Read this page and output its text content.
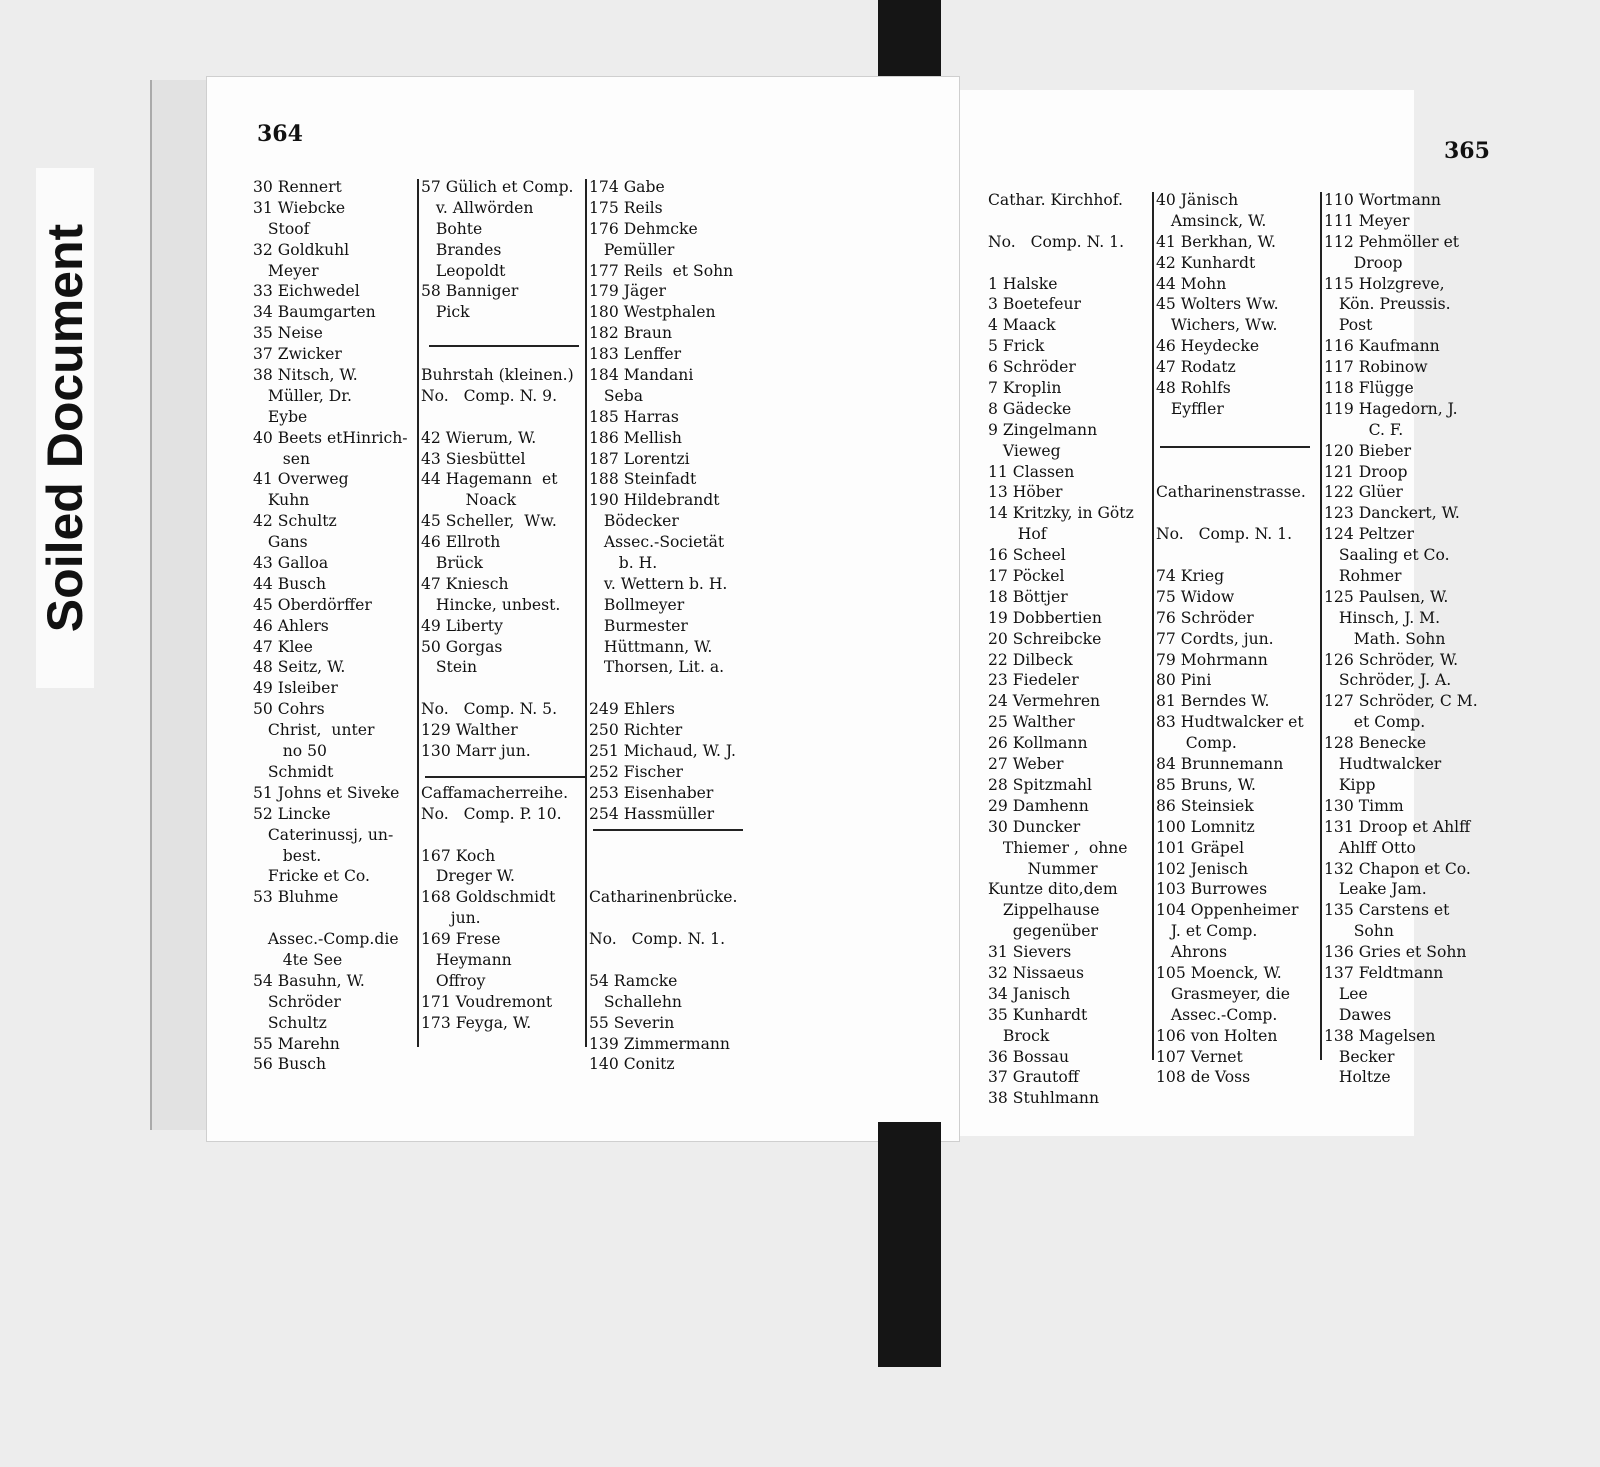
Soiled Document
364
30 Rennert
31 Wiebcke
Stoof
32 Goldkuhl
Meyer
33 Eichwedel
34 Baumgarten
35 Neise
37 Zwicker
38 Nitsch, W.
Müller, Dr.
Eybe
40 Beets etHinrich-
sen
41 Overweg
Kuhn
42 Schultz
Gans
43 Galloa
44 Busch
45 Oberdörffer
46 Ahlers
47 Klee
48 Seitz, W.
49 Isleiber
50 Cohrs
Christ,  unter
no 50
Schmidt
51 Johns et Siveke
52 Lincke
Caterinussj, un-
best.
Fricke et Co.
53 Bluhme
Assec.-Comp.die
4te See
54 Basuhn, W.
Schröder
Schultz
55 Marehn
56 Busch
57 Gülich et Comp.
v. Allwörden
Bohte
Brandes
Leopoldt
58 Banniger
Pick
Buhrstah (kleinen.)
No.   Comp. N. 9.
42 Wierum, W.
43 Siesbüttel
44 Hagemann  et
Noack
45 Scheller,  Ww.
46 Ellroth
Brück
47 Kniesch
Hincke, unbest.
49 Liberty
50 Gorgas
Stein
No.   Comp. N. 5.
129 Walther
130 Marr jun.
Caffamacherreihe.
No.   Comp. P. 10.
167 Koch
Dreger W.
168 Goldschmidt
jun.
169 Frese
Heymann
Offroy
171 Voudremont
173 Feyga, W.
174 Gabe
175 Reils
176 Dehmcke
Pemüller
177 Reils  et Sohn
179 Jäger
180 Westphalen
182 Braun
183 Lenffer
184 Mandani
Seba
185 Harras
186 Mellish
187 Lorentzi
188 Steinfadt
190 Hildebrandt
Bödecker
Assec.-Societät
b. H.
v. Wettern b. H.
Bollmeyer
Burmester
Hüttmann, W.
Thorsen, Lit. a.
249 Ehlers
250 Richter
251 Michaud, W. J.
252 Fischer
253 Eisenhaber
254 Hassmüller
Catharinenbrücke.
No.   Comp. N. 1.
54 Ramcke
Schallehn
55 Severin
139 Zimmermann
140 Conitz
365
Cathar. Kirchhof.
No.   Comp. N. 1.
1 Halske
3 Boetefeur
4 Maack
5 Frick
6 Schröder
7 Kroplin
8 Gädecke
9 Zingelmann
Vieweg
11 Classen
13 Höber
14 Kritzky, in Götz
Hof
16 Scheel
17 Pöckel
18 Böttjer
19 Dobbertien
20 Schreibcke
22 Dilbeck
23 Fiedeler
24 Vermehren
25 Walther
26 Kollmann
27 Weber
28 Spitzmahl
29 Damhenn
30 Duncker
Thiemer ,  ohne
Nummer
Kuntze dito,dem
Zippelhause
gegenüber
31 Sievers
32 Nissaeus
34 Janisch
35 Kunhardt
Brock
36 Bossau
37 Grautoff
38 Stuhlmann
40 Jänisch
Amsinck, W.
41 Berkhan, W.
42 Kunhardt
44 Mohn
45 Wolters Ww.
Wichers, Ww.
46 Heydecke
47 Rodatz
48 Rohlfs
Eyffler
Catharinenstrasse.
No.   Comp. N. 1.
74 Krieg
75 Widow
76 Schröder
77 Cordts, jun.
79 Mohrmann
80 Pini
81 Berndes W.
83 Hudtwalcker et
Comp.
84 Brunnemann
85 Bruns, W.
86 Steinsiek
100 Lomnitz
101 Gräpel
102 Jenisch
103 Burrowes
104 Oppenheimer
J. et Comp.
Ahrons
105 Moenck, W.
Grasmeyer, die
Assec.-Comp.
106 von Holten
107 Vernet
108 de Voss
110 Wortmann
111 Meyer
112 Pehmöller et
Droop
115 Holzgreve,
Kön. Preussis.
Post
116 Kaufmann
117 Robinow
118 Flügge
119 Hagedorn, J.
C. F.
120 Bieber
121 Droop
122 Glüer
123 Danckert, W.
124 Peltzer
Saaling et Co.
Rohmer
125 Paulsen, W.
Hinsch, J. M.
Math. Sohn
126 Schröder, W.
Schröder, J. A.
127 Schröder, C M.
et Comp.
128 Benecke
Hudtwalcker
Kipp
130 Timm
131 Droop et Ahlff
Ahlff Otto
132 Chapon et Co.
Leake Jam.
135 Carstens et
Sohn
136 Gries et Sohn
137 Feldtmann
Lee
Dawes
138 Magelsen
Becker
Holtze
